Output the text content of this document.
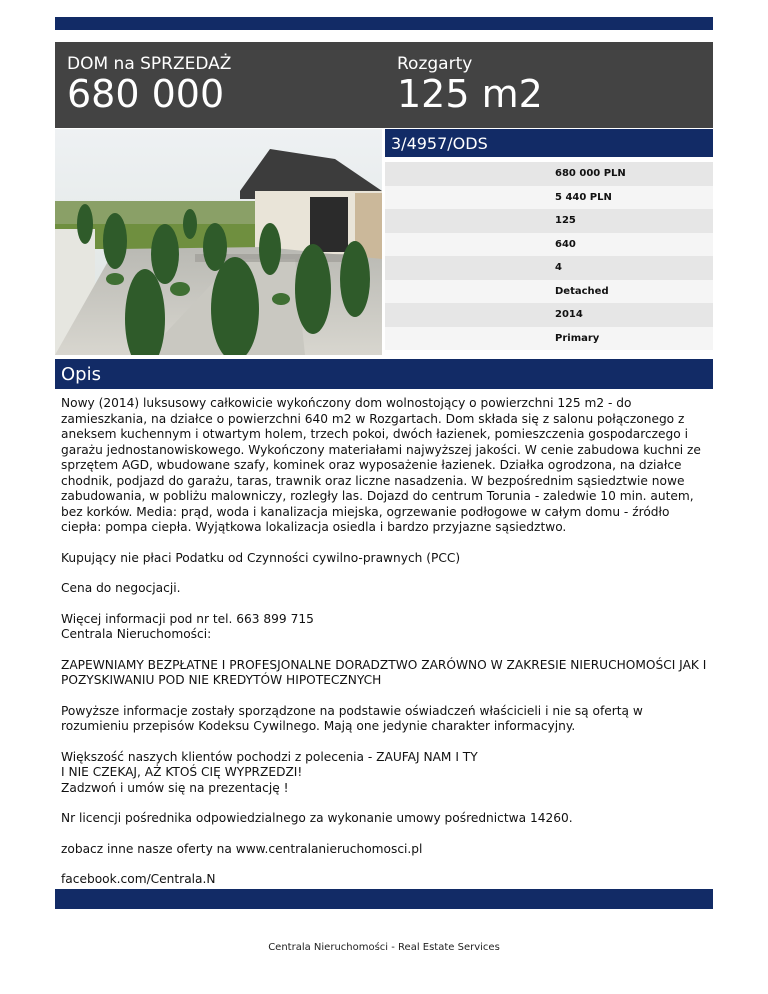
DOM na SPRZEDAŻ
680 000
Rozgarty
125 m2
3/4957/ODS
680 000 PLN
5 440 PLN
125
640
4
Detached
2014
Primary
Opis

Nowy (2014) luksusowy całkowicie wykończony dom wolnostojący o powierzchni 125 m2 - do zamieszkania, na działce o powierzchni 640 m2 w Rozgartach. Dom składa się z salonu połączonego z aneksem kuchennym i otwartym holem, trzech pokoi, dwóch łazienek, pomieszczenia gospodarczego i garażu jednostanowiskowego. Wykończony materiałami najwyższej jakości. W cenie zabudowa kuchni ze sprzętem AGD, wbudowane szafy, kominek oraz wyposażenie łazienek. Działka ogrodzona, na działce chodnik, podjazd do garażu, taras, trawnik oraz liczne nasadzenia. W bezpośrednim sąsiedztwie nowe zabudowania, w pobliżu malowniczy, rozległy las. Dojazd do centrum Torunia - zaledwie 10 min. autem, bez korków. Media: prąd, woda i kanalizacja miejska, ogrzewanie podłogowe w całym domu - źródło ciepła: pompa ciepła. Wyjątkowa lokalizacja osiedla i bardzo przyjazne sąsiedztwo.

Kupujący nie płaci Podatku od Czynności cywilno-prawnych (PCC)

Cena do negocjacji.

Więcej informacji pod nr tel. 663 899 715
Centrala Nieruchomości:

ZAPEWNIAMY BEZPŁATNE I PROFESJONALNE DORADZTWO ZARÓWNO W ZAKRESIE NIERUCHOMOŚCI JAK I POZYSKIWANIU POD NIE KREDYTÓW HIPOTECZNYCH

Powyższe informacje zostały sporządzone na podstawie oświadczeń właścicieli i nie są ofertą w rozumieniu przepisów Kodeksu Cywilnego. Mają one jedynie charakter informacyjny.

Większość naszych klientów pochodzi z polecenia - ZAUFAJ NAM I TY
I NIE CZEKAJ, AŻ KTOŚ CIĘ WYPRZEDZI!
Zadzwoń i umów się na prezentację !

Nr licencji pośrednika odpowiedzialnego za wykonanie umowy pośrednictwa 14260.

zobacz inne nasze oferty na www.centralanieruchomosci.pl

facebook.com/Centrala.N

Centrala Nieruchomości - Real Estate Services
